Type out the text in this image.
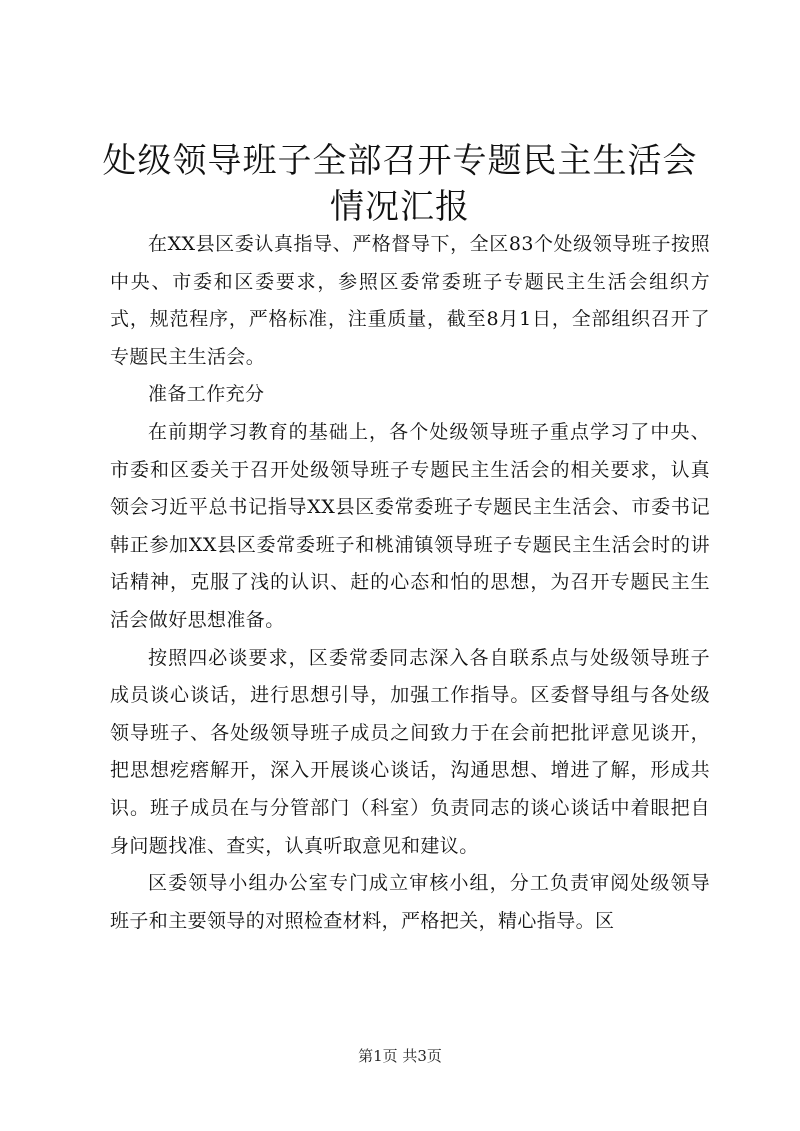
处级领导班子全部召开专题民主生活会情况汇报

在XX县区委认真指导、严格督导下，全区83个处级领导班子按照中央、市委和区委要求，参照区委常委班子专题民主生活会组织方式，规范程序，严格标准，注重质量，截至8月1日，全部组织召开了专题民主生活会。

准备工作充分

在前期学习教育的基础上，各个处级领导班子重点学习了中央、市委和区委关于召开处级领导班子专题民主生活会的相关要求，认真领会习近平总书记指导XX县区委常委班子专题民主生活会、市委书记韩正参加XX县区委常委班子和桃浦镇领导班子专题民主生活会时的讲话精神，克服了浅的认识、赶的心态和怕的思想，为召开专题民主生活会做好思想准备。

按照四必谈要求，区委常委同志深入各自联系点与处级领导班子成员谈心谈话，进行思想引导，加强工作指导。区委督导组与各处级领导班子、各处级领导班子成员之间致力于在会前把批评意见谈开，把思想疙瘩解开，深入开展谈心谈话，沟通思想、增进了解，形成共识。班子成员在与分管部门（科室）负责同志的谈心谈话中着眼把自身问题找准、查实，认真听取意见和建议。

区委领导小组办公室专门成立审核小组，分工负责审阅处级领导班子和主要领导的对照检查材料，严格把关，精心指导。区

第1页 共3页
